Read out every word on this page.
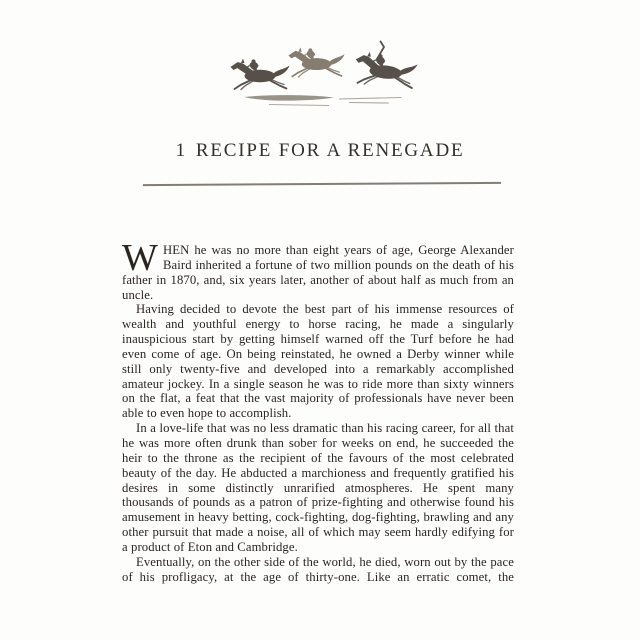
1 RECIPE FOR A RENEGADE

WHEN he was no more than eight years of age, George Alexander Baird inherited a fortune of two million pounds on the death of his father in 1870, and, six years later, another of about half as much from an uncle.

Having decided to devote the best part of his immense resources of wealth and youthful energy to horse racing, he made a singularly inauspicious start by getting himself warned off the Turf before he had even come of age. On being reinstated, he owned a Derby winner while still only twenty-five and developed into a remarkably accomplished amateur jockey. In a single season he was to ride more than sixty winners on the flat, a feat that the vast majority of professionals have never been able to even hope to accomplish.

In a love-life that was no less dramatic than his racing career, for all that he was more often drunk than sober for weeks on end, he succeeded the heir to the throne as the recipient of the favours of the most celebrated beauty of the day. He abducted a marchioness and frequently gratified his desires in some distinctly unrarified atmospheres. He spent many thousands of pounds as a patron of prize-fighting and otherwise found his amusement in heavy betting, cock-fighting, dog-fighting, brawling and any other pursuit that made a noise, all of which may seem hardly edifying for a product of Eton and Cambridge.

Eventually, on the other side of the world, he died, worn out by the pace of his profligacy, at the age of thirty-one. Like an erratic comet, the
